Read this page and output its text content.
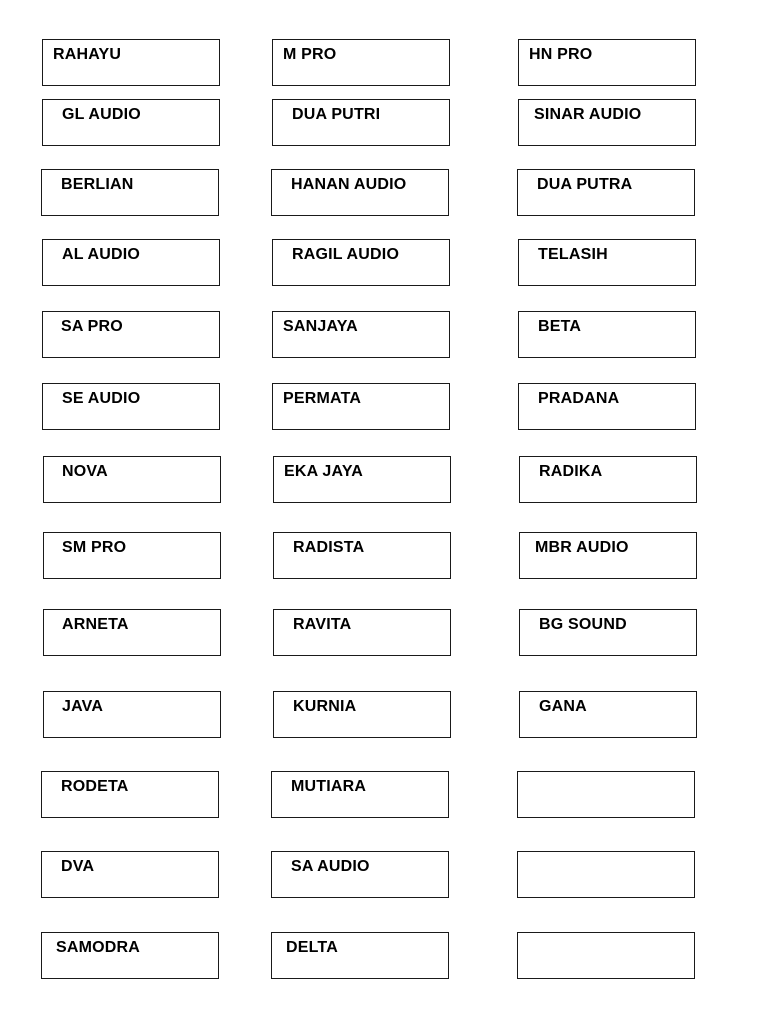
RAHAYU	M PRO	HN PRO
GL AUDIO	DUA PUTRI	SINAR AUDIO
BERLIAN	HANAN AUDIO	DUA PUTRA
AL AUDIO	RAGIL AUDIO	TELASIH
SA PRO	SANJAYA	BETA
SE AUDIO	PERMATA	PRADANA
NOVA	EKA JAYA	RADIKA
SM PRO	RADISTA	MBR AUDIO
ARNETA	RAVITA	BG SOUND
JAVA	KURNIA	GANA
RODETA	MUTIARA
DVA	SA AUDIO
SAMODRA	DELTA
